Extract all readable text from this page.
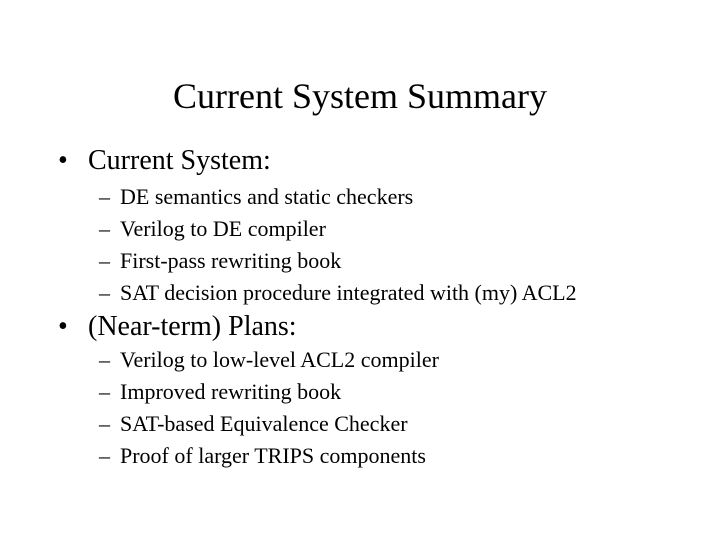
Current System Summary
• Current System:
– DE semantics and static checkers
– Verilog to DE compiler
– First-pass rewriting book
– SAT decision procedure integrated with (my) ACL2
• (Near-term) Plans:
– Verilog to low-level ACL2 compiler
– Improved rewriting book
– SAT-based Equivalence Checker
– Proof of larger TRIPS components
